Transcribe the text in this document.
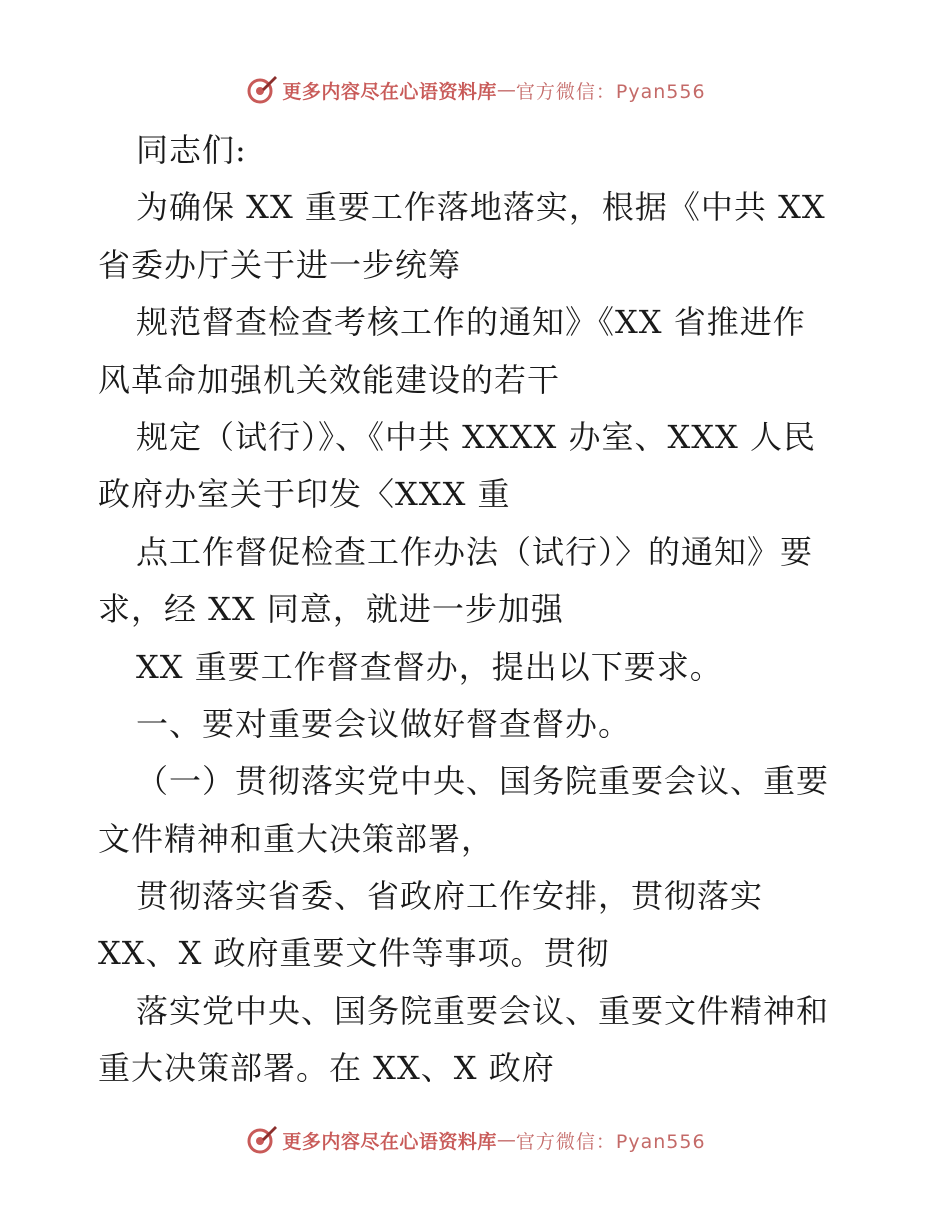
更多内容尽在心语资料库 — 官方微信：Pyan556
同志们:
为确保 XX 重要工作落地落实，根据《中共 XX
省委办厅关于进一步统筹
规范督查检查考核工作的通知》《XX 省推进作
风革命加强机关效能建设的若干
规定（试行）》、《中共 XXXX 办室、XXX 人民
政府办室关于印发〈XXX 重
点工作督促检查工作办法（试行）〉的通知》要
求，经 XX 同意，就进一步加强
XX 重要工作督查督办，提出以下要求。
一、要对重要会议做好督查督办。
（一）贯彻落实党中央、国务院重要会议、重要
文件精神和重大决策部署，
贯彻落实省委、省政府工作安排，贯彻落实
XX、X 政府重要文件等事项。贯彻
落实党中央、国务院重要会议、重要文件精神和
重大决策部署。在 XX、X 政府
更多内容尽在心语资料库 — 官方微信：Pyan556
